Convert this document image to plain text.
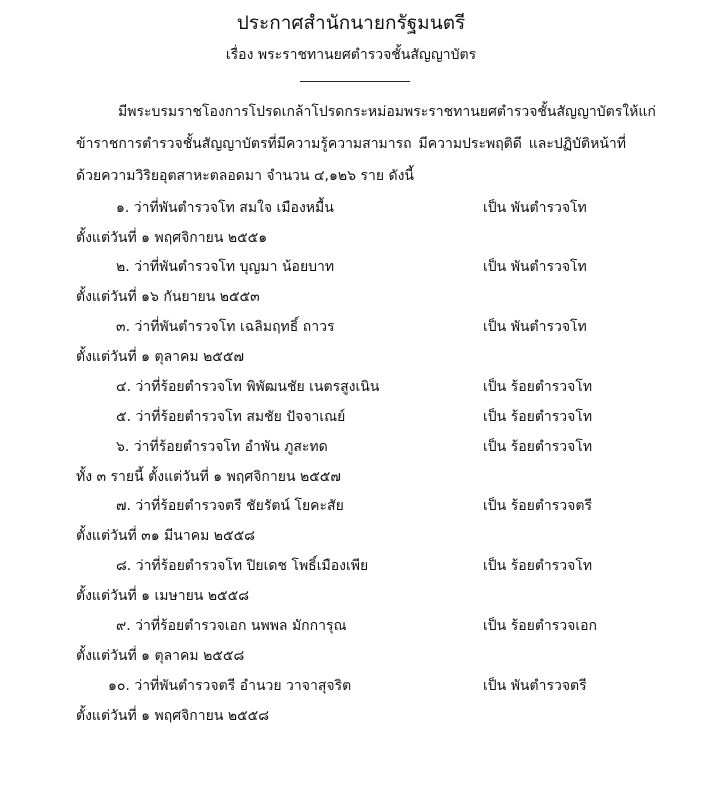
ประกาศสำนักนายกรัฐมนตรี
เรื่อง พระราชทานยศตำรวจชั้นสัญญาบัตร
มีพระบรมราชโองการโปรดเกล้าโปรดกระหม่อมพระราชทานยศตำรวจชั้นสัญญาบัตรให้แก่
ข้าราชการตำรวจชั้นสัญญาบัตรที่มีความรู้ความสามารถ มีความประพฤติดี และปฏิบัติหน้าที่
ด้วยความวิริยอุตสาหะตลอดมา จำนวน ๔,๑๒๖ ราย ดังนี้
๑. ว่าที่พันตำรวจโท สมใจ เมืองหมื้น	เป็น พันตำรวจโท
ตั้งแต่วันที่ ๑ พฤศจิกายน ๒๕๕๑
๒. ว่าที่พันตำรวจโท บุญมา น้อยบาท	เป็น พันตำรวจโท
ตั้งแต่วันที่ ๑๖ กันยายน ๒๕๕๓
๓. ว่าที่พันตำรวจโท เฉลิมฤทธิ์ ถาวร	เป็น พันตำรวจโท
ตั้งแต่วันที่ ๑ ตุลาคม ๒๕๕๗
๔. ว่าที่ร้อยตำรวจโท พิพัฒนชัย เนตรสูงเนิน	เป็น ร้อยตำรวจโท
๕. ว่าที่ร้อยตำรวจโท สมชัย ปัจจาเณย์	เป็น ร้อยตำรวจโท
๖. ว่าที่ร้อยตำรวจโท อำพัน ภูสะทด	เป็น ร้อยตำรวจโท
ทั้ง ๓ รายนี้ ตั้งแต่วันที่ ๑ พฤศจิกายน ๒๕๕๗
๗. ว่าที่ร้อยตำรวจตรี ชัยรัตน์ โยคะสัย	เป็น ร้อยตำรวจตรี
ตั้งแต่วันที่ ๓๑ มีนาคม ๒๕๕๘
๘. ว่าที่ร้อยตำรวจโท ปิยเดช โพธิ์เมืองเพีย	เป็น ร้อยตำรวจโท
ตั้งแต่วันที่ ๑ เมษายน ๒๕๕๘
๙. ว่าที่ร้อยตำรวจเอก นพพล มักการุณ	เป็น ร้อยตำรวจเอก
ตั้งแต่วันที่ ๑ ตุลาคม ๒๕๕๘
๑๐. ว่าที่พันตำรวจตรี อำนวย วาจาสุจริต	เป็น พันตำรวจตรี
ตั้งแต่วันที่ ๑ พฤศจิกายน ๒๕๕๘
